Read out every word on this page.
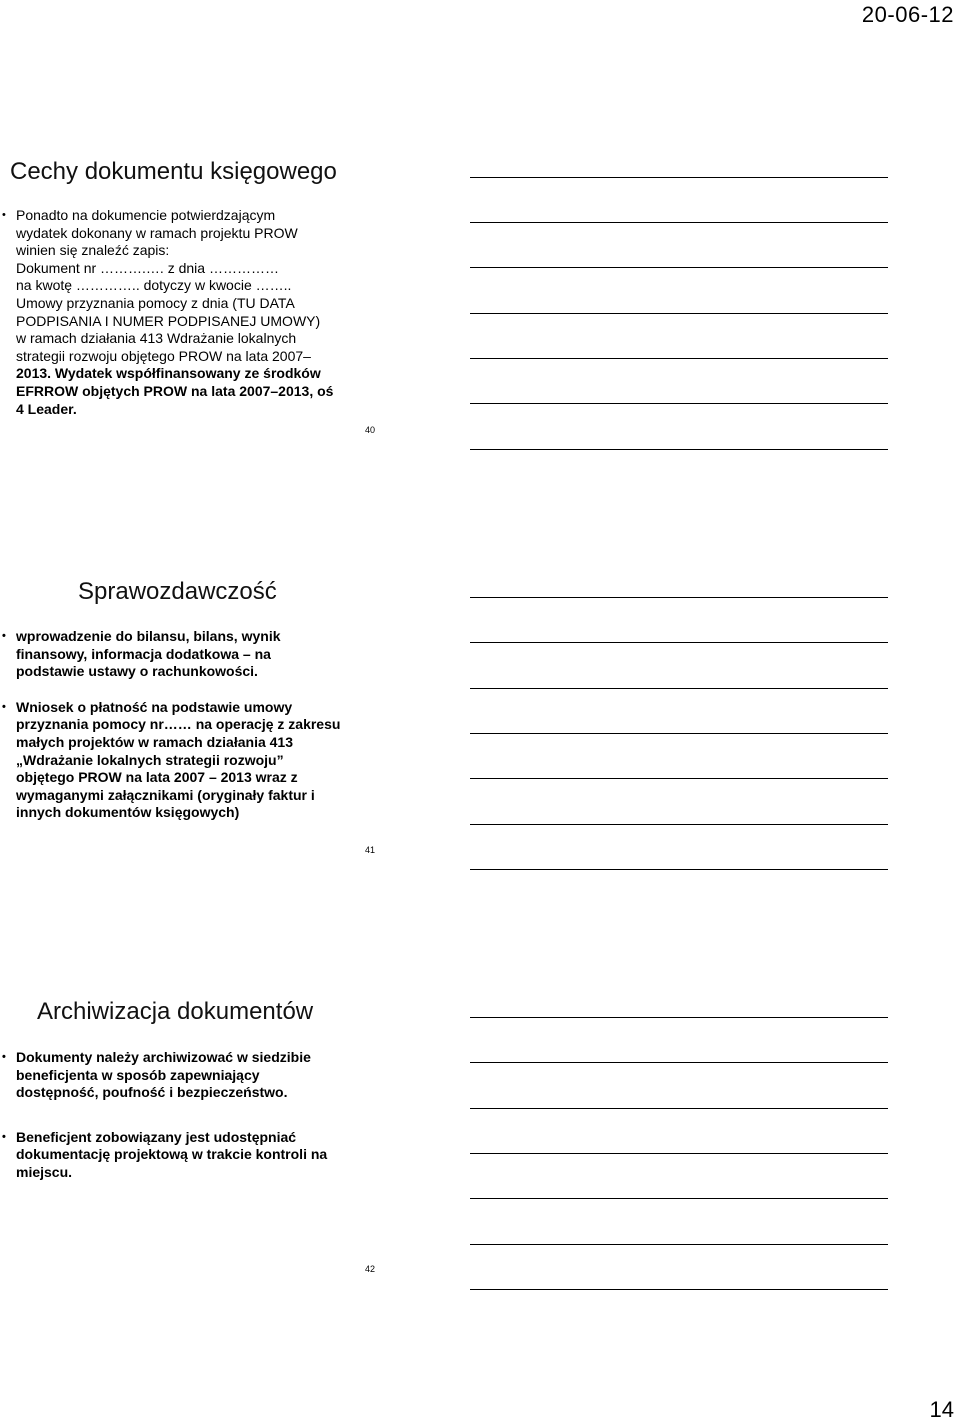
20-06-12
Cechy dokumentu księgowego
• Ponadto na dokumencie potwierdzającym
wydatek dokonany w ramach projektu PROW
winien się znaleźć zapis:
Dokument nr ……….…. z dnia ……………
na kwotę ………….. dotyczy w kwocie ……..
Umowy przyznania pomocy z dnia (TU DATA
PODPISANIA I NUMER PODPISANEJ UMOWY)
w ramach działania 413 Wdrażanie lokalnych
strategii rozwoju objętego PROW na lata 2007–
2013. Wydatek współfinansowany ze środków
EFRROW objętych PROW na lata 2007–2013, oś
4 Leader.
40
Sprawozdawczość
• wprowadzenie do bilansu, bilans, wynik
finansowy, informacja dodatkowa – na
podstawie ustawy o rachunkowości.
• Wniosek o płatność na podstawie umowy
przyznania pomocy nr…… na operację z zakresu
małych projektów w ramach działania 413
„Wdrażanie lokalnych strategii rozwoju”
objętego PROW na lata 2007 – 2013 wraz z
wymaganymi załącznikami (oryginały faktur i
innych dokumentów księgowych)
41
Archiwizacja dokumentów
• Dokumenty należy archiwizować w siedzibie
beneficjenta w sposób zapewniający
dostępność, poufność i bezpieczeństwo.
• Beneficjent zobowiązany jest udostępniać
dokumentację projektową w trakcie kontroli na
miejscu.
42
14
